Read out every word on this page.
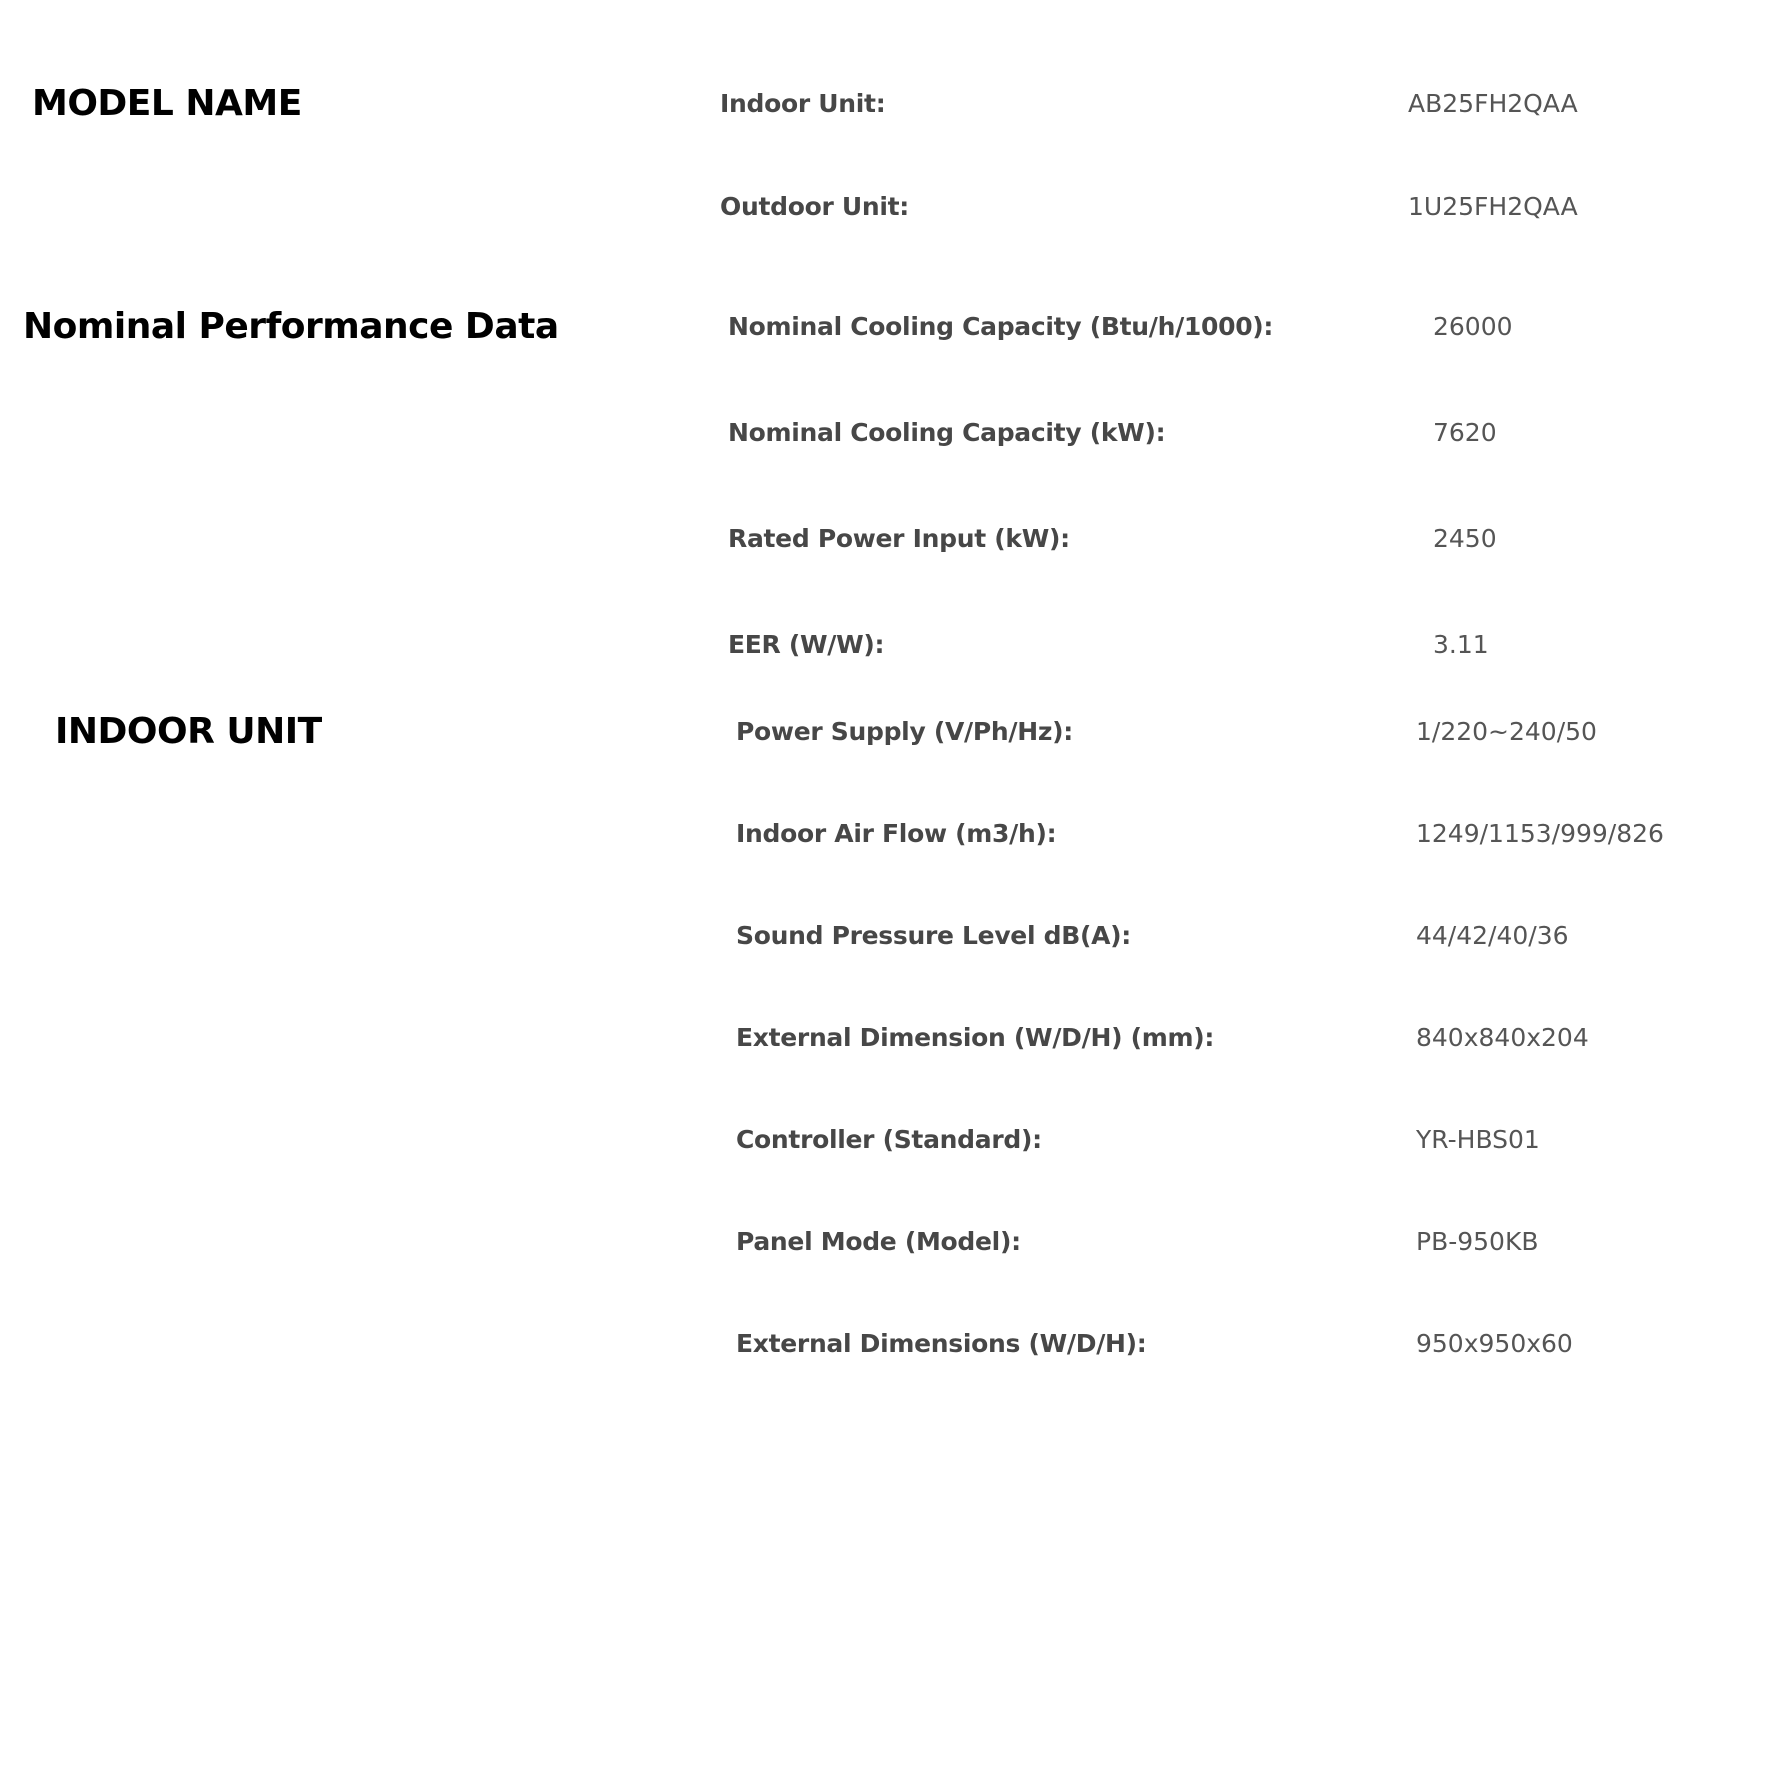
MODEL NAME
Nominal Performance Data
INDOOR UNIT
Indoor Unit:	AB25FH2QAA
Outdoor Unit:	1U25FH2QAA
Nominal Cooling Capacity (Btu/h/1000):	26000
Nominal Cooling Capacity (kW):	7620
Rated Power Input (kW):	2450
EER (W/W):	3.11
Power Supply (V/Ph/Hz):	1/220~240/50
Indoor Air Flow (m3/h):	1249/1153/999/826
Sound Pressure Level dB(A):	44/42/40/36
External Dimension (W/D/H) (mm):	840x840x204
Controller (Standard):	YR-HBS01
Panel Mode (Model):	PB-950KB
External Dimensions (W/D/H):	950x950x60
